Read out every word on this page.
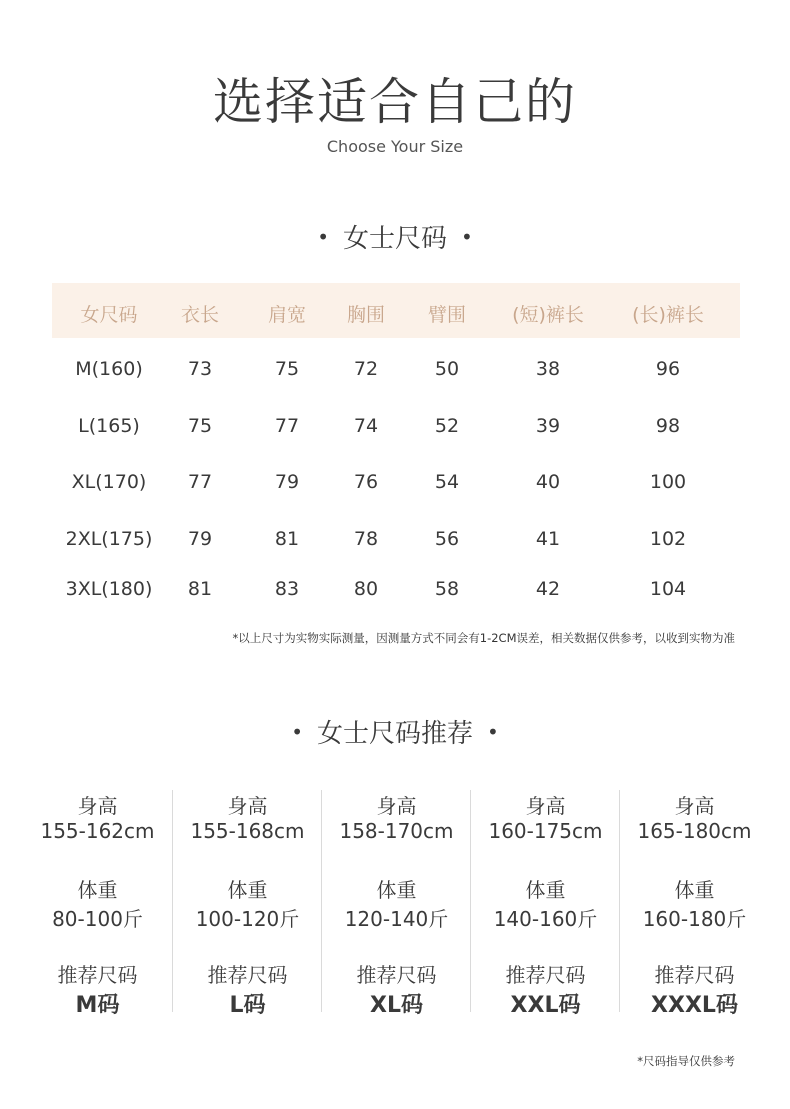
选择适合自己的
Choose Your Size
• 女士尺码 •
女尺码	衣长	肩宽	胸围	臂围	(短)裤长	(长)裤长
M(160)	73	75	72	50	38	96
L(165)	75	77	74	52	39	98
XL(170)	77	79	76	54	40	100
2XL(175)	79	81	78	56	41	102
3XL(180)	81	83	80	58	42	104
*以上尺寸为实物实际测量，因测量方式不同会有1-2CM误差，相关数据仅供参考，以收到实物为准
• 女士尺码推荐 •
身高
155-162cm
体重
80-100斤
推荐尺码
M码
身高
155-168cm
体重
100-120斤
推荐尺码
L码
身高
158-170cm
体重
120-140斤
推荐尺码
XL码
身高
160-175cm
体重
140-160斤
推荐尺码
XXL码
身高
165-180cm
体重
160-180斤
推荐尺码
XXXL码
*尺码指导仅供参考
